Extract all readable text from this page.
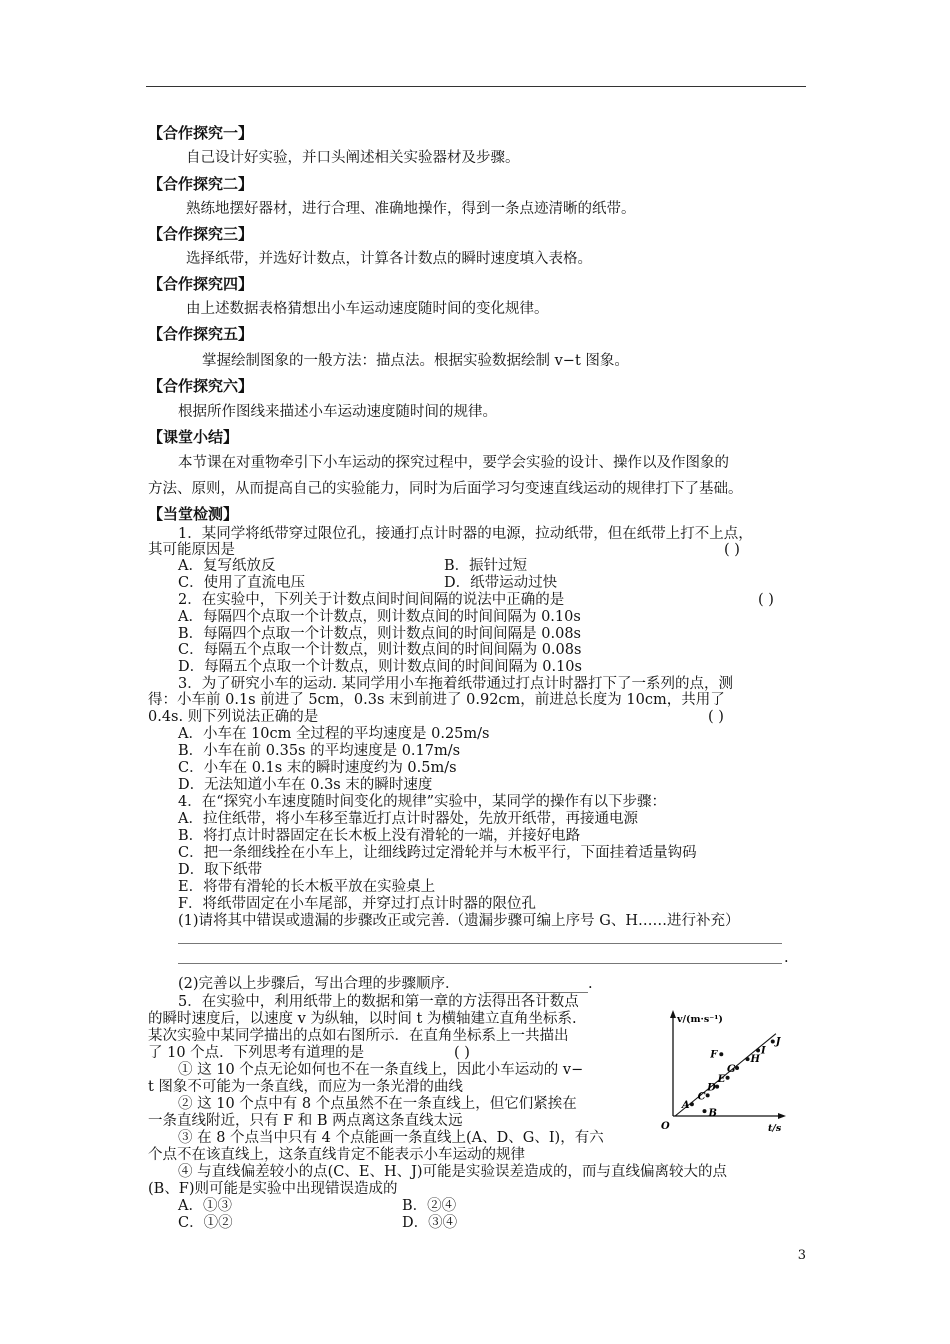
【合作探究一】
自己设计好实验，并口头阐述相关实验器材及步骤。
【合作探究二】
熟练地摆好器材，进行合理、准确地操作，得到一条点迹清晰的纸带。
【合作探究三】
选择纸带，并选好计数点，计算各计数点的瞬时速度填入表格。
【合作探究四】
由上述数据表格猜想出小车运动速度随时间的变化规律。
【合作探究五】
掌握绘制图象的一般方法：描点法。根据实验数据绘制 v−t 图象。
【合作探究六】
根据所作图线来描述小车运动速度随时间的规律。
【课堂小结】
本节课在对重物牵引下小车运动的探究过程中，要学会实验的设计、操作以及作图象的
方法、原则，从而提高自己的实验能力，同时为后面学习匀变速直线运动的规律打下了基础。
【当堂检测】
1．某同学将纸带穿过限位孔，接通打点计时器的电源，拉动纸带，但在纸带上打不上点，
其可能原因是	( )
A．复写纸放反	B．振针过短
C．使用了直流电压	D．纸带运动过快
2．在实验中，下列关于计数点间时间间隔的说法中正确的是	( )
A．每隔四个点取一个计数点，则计数点间的时间间隔为 0.10s
B．每隔四个点取一个计数点，则计数点间的时间间隔是 0.08s
C．每隔五个点取一个计数点，则计数点间的时间间隔为 0.08s
D．每隔五个点取一个计数点，则计数点间的时间间隔为 0.10s
3．为了研究小车的运动. 某同学用小车拖着纸带通过打点计时器打下了一系列的点，测
得：小车前 0.1s 前进了 5cm，0.3s 末到前进了 0.92cm，前进总长度为 10cm，共用了
0.4s. 则下列说法正确的是	( )
A．小车在 10cm 全过程的平均速度是 0.25m/s
B．小车在前 0.35s 的平均速度是 0.17m/s
C．小车在 0.1s 末的瞬时速度约为 0.5m/s
D．无法知道小车在 0.3s 末的瞬时速度
4．在“探究小车速度随时间变化的规律”实验中，某同学的操作有以下步骤：
A．拉住纸带，将小车移至靠近打点计时器处，先放开纸带，再接通电源
B．将打点计时器固定在长木板上没有滑轮的一端，并接好电路
C．把一条细线拴在小车上，让细线跨过定滑轮并与木板平行，下面挂着适量钩码
D．取下纸带
E．将带有滑轮的长木板平放在实验桌上
F．将纸带固定在小车尾部，并穿过打点计时器的限位孔
(1)请将其中错误或遗漏的步骤改正或完善.（遗漏步骤可编上序号 G、H……进行补充）
.
(2)完善以上步骤后，写出合理的步骤顺序．	.
5．在实验中，利用纸带上的数据和第一章的方法得出各计数点
的瞬时速度后，以速度 v 为纵轴，以时间 t 为横轴建立直角坐标系.
某次实验中某同学描出的点如右图所示．在直角坐标系上一共描出
了 10 个点．下列思考有道理的是	( )
① 这 10 个点无论如何也不在一条直线上，因此小车运动的 v−
t 图象不可能为一条直线，而应为一条光滑的曲线
② 这 10 个点中有 8 个点虽然不在一条直线上，但它们紧挨在
一条直线附近，只有 F 和 B 两点离这条直线太远
③ 在 8 个点当中只有 4 个点能画一条直线上(A、D、G、I)，有六
个点不在该直线上，这条直线肯定不能表示小车运动的规律
④ 与直线偏差较小的点(C、E、H、J)可能是实验误差造成的，而与直线偏离较大的点
(B、F)则可能是实验中出现错误造成的
A．①③	B．②④
C．①②	D．③④
v/(m·s⁻¹)
t/s
O
A
B
C
D
E
G
H
F	I
J
3
